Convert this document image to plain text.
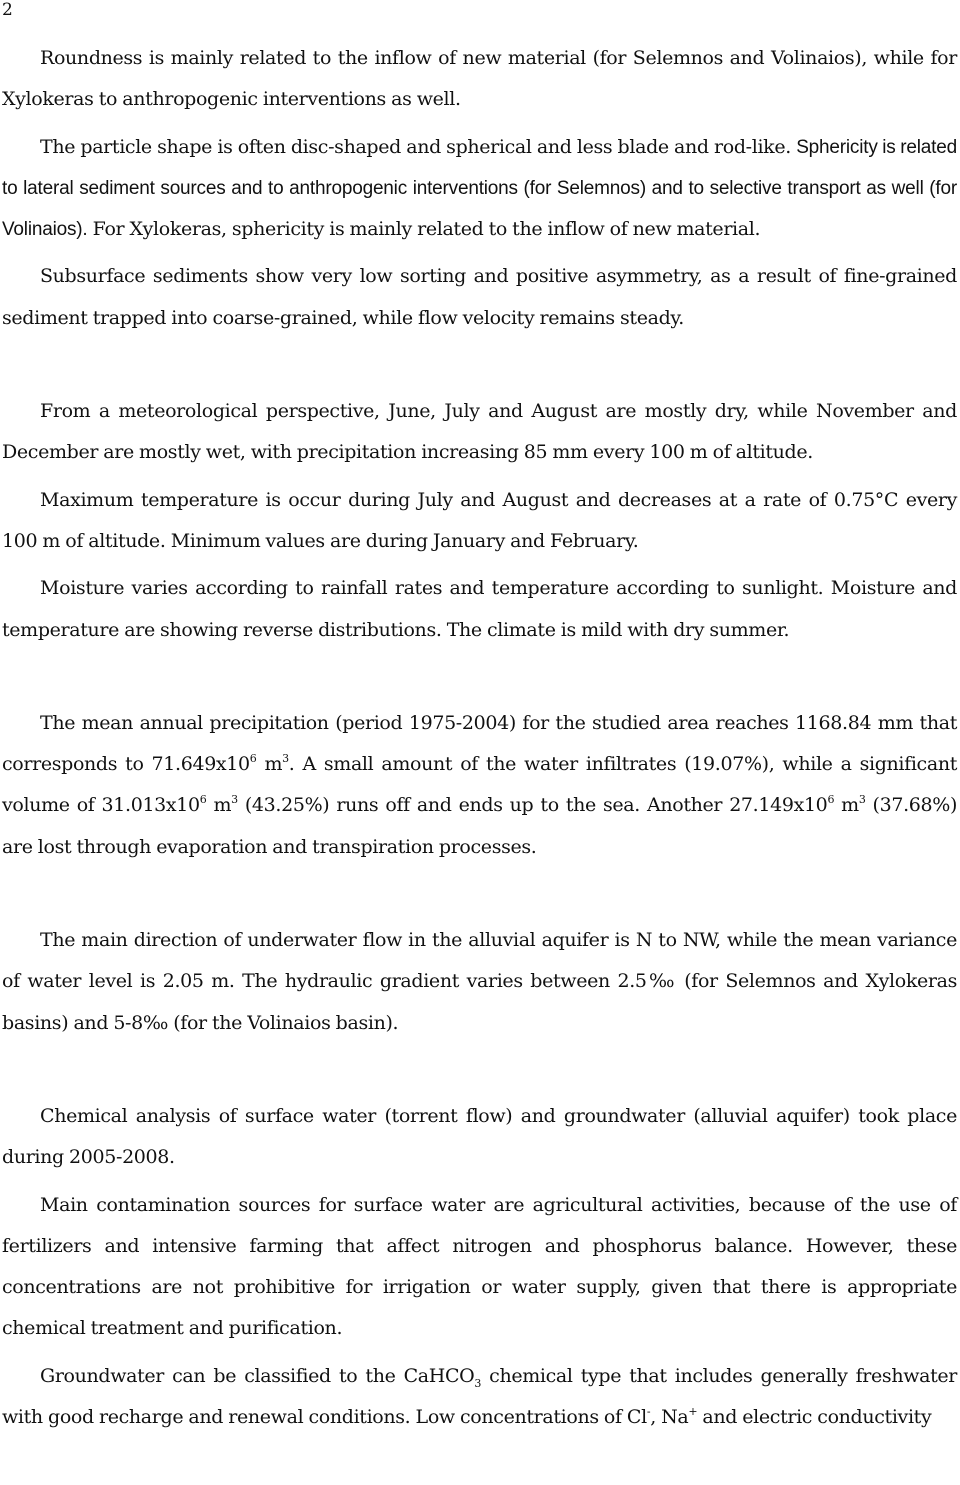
2

Roundness is mainly related to the inflow of new material (for Selemnos and Volinaios), while for Xylokeras to anthropogenic interventions as well.

The particle shape is often disc-shaped and spherical and less blade and rod-like. Sphericity is related to lateral sediment sources and to anthropogenic interventions (for Selemnos) and to selective transport as well (for Volinaios). For Xylokeras, sphericity is mainly related to the inflow of new material.

Subsurface sediments show very low sorting and positive asymmetry, as a result of fine-grained sediment trapped into coarse-grained, while flow velocity remains steady.

From a meteorological perspective, June, July and August are mostly dry, while November and December are mostly wet, with precipitation increasing 85 mm every 100 m of altitude.

Maximum temperature is occur during July and August and decreases at a rate of 0.75°C every 100 m of altitude. Minimum values are during January and February.

Moisture varies according to rainfall rates and temperature according to sunlight. Moisture and temperature are showing reverse distributions. The climate is mild with dry summer.

The mean annual precipitation (period 1975-2004) for the studied area reaches 1168.84 mm that corresponds to $71.649x10^6$ $m^3$. A small amount of the water infiltrates (19.07%), while a significant volume of $31.013x10^6$ $m^3$ (43.25%) runs off and ends up to the sea. Another $27.149x10^6$ $m^3$ (37.68%) are lost through evaporation and transpiration processes.

The main direction of underwater flow in the alluvial aquifer is N to NW, while the mean variance of water level is 2.05 m. The hydraulic gradient varies between 2.5‰ (for Selemnos and Xylokeras basins) and 5-8‰ (for the Volinaios basin).

Chemical analysis of surface water (torrent flow) and groundwater (alluvial aquifer) took place during 2005-2008.

Main contamination sources for surface water are agricultural activities, because of the use of fertilizers and intensive farming that affect nitrogen and phosphorus balance. However, these concentrations are not prohibitive for irrigation or water supply, given that there is appropriate chemical treatment and purification.

Groundwater can be classified to the CaHCO$_3$ chemical type that includes generally freshwater with good recharge and renewal conditions. Low concentrations of Cl-, Na+ and electric conductivity
